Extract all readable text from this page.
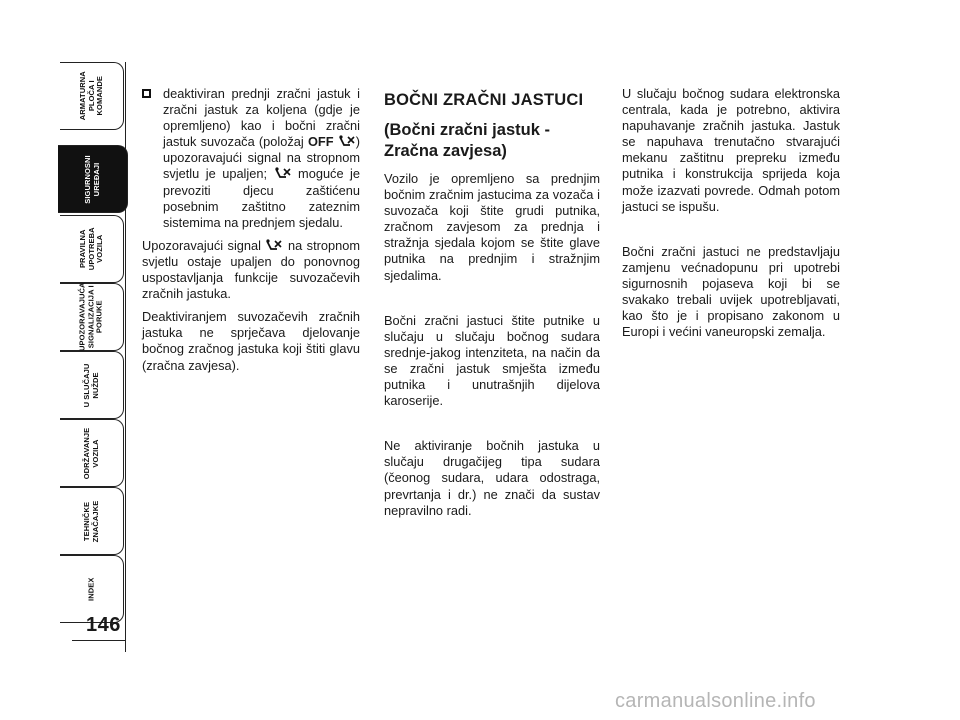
ARMATURNA
PLOČA I
KOMANDE
SIGURNOSNI
UREĐAJI
PRAVILNA
UPOTREBA
VOZILA
UPOZORAVAJUĆA
SIGNALIZACIJA I
PORUKE
U SLUČAJU
NUŽDE
ODRŽAVANJE
VOZILA
TEHNIČKE
ZNAČAJKE
INDEX
146
deaktiviran prednji zračni jastuk i zračni jastuk za koljena (gdje je opremljeno) kao i bočni zračni jastuk suvozača (položaj OFF ) upozoravajući signal na stropnom svjetlu je upaljen; moguće je prevoziti djecu zaštićenu posebnim zaštitno zateznim sistemima na prednjem sjedalu.

Upozoravajući signal na stropnom svjetlu ostaje upaljen do ponovnog uspostavljanja funkcije suvozačevih zračnih jastuka.

Deaktiviranjem suvozačevih zračnih jastuka ne sprječava djelovanje bočnog zračnog jastuka koji štiti glavu (zračna zavjesa).

BOČNI ZRAČNI JASTUCI
(Bočni zračni jastuk - Zračna zavjesa)

Vozilo je opremljeno sa prednjim bočnim zračnim jastucima za vozača i suvozača koji štite grudi putnika, zračnom zavjesom za prednja i stražnja sjedala kojom se štite glave putnika na prednjim i stražnjim sjedalima.

Bočni zračni jastuci štite putnike u slučaju u slučaju bočnog sudara srednje-jakog intenziteta, na način da se zračni jastuk smješta između putnika i unutrašnjih dijelova karoserije.

Ne aktiviranje bočnih jastuka u slučaju drugačijeg tipa sudara (čeonog sudara, udara odostraga, prevrtanja i dr.) ne znači da sustav nepravilno radi.

U slučaju bočnog sudara elektronska centrala, kada je potrebno, aktivira napuhavanje zračnih jastuka. Jastuk se napuhava trenutačno stvarajući mekanu zaštitnu prepreku između putnika i konstrukcija sprijeda koja može izazvati povrede. Odmah potom jastuci se ispušu.

Bočni zračni jastuci ne predstavljaju zamjenu većnadopunu pri upotrebi sigurnosnih pojaseva koji bi se svakako trebali uvijek upotrebljavati, kao što je i propisano zakonom u Europi i većini vaneuropski zemalja.

carmanualsonline.info
